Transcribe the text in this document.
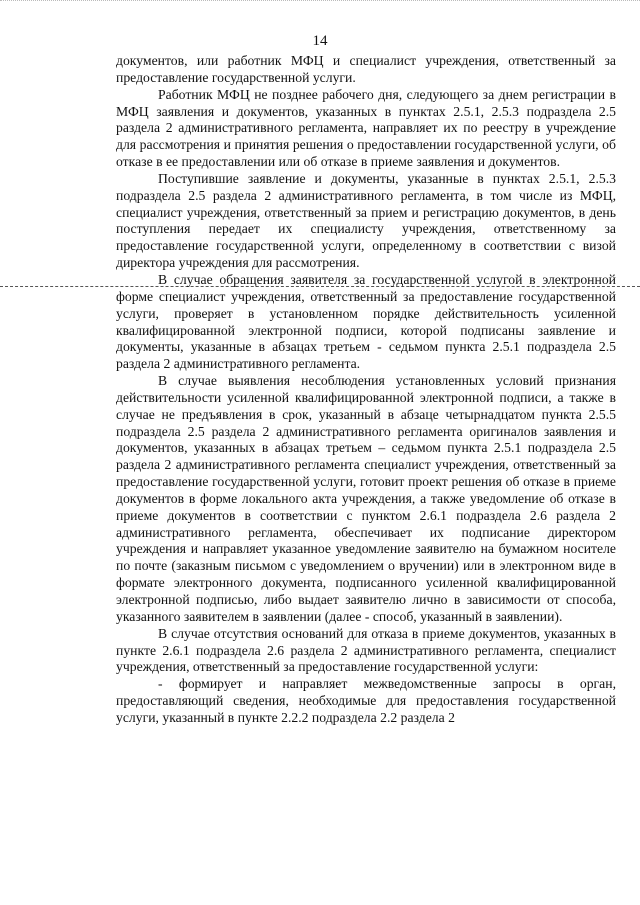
14

документов, или работник МФЦ и специалист учреждения, ответственный за предоставление государственной услуги.

Работник МФЦ не позднее рабочего дня, следующего за днем регистрации в МФЦ заявления и документов, указанных в пунктах 2.5.1, 2.5.3 подраздела 2.5 раздела 2 административного регламента, направляет их по реестру в учреждение для рассмотрения и принятия решения о предоставлении государственной услуги, об отказе в ее предоставлении или об отказе в приеме заявления и документов.

Поступившие заявление и документы, указанные в пунктах 2.5.1, 2.5.3 подраздела 2.5 раздела 2 административного регламента, в том числе из МФЦ, специалист учреждения, ответственный за прием и регистрацию документов, в день поступления передает их специалисту учреждения, ответственному за предоставление государственной услуги, определенному в соответствии с визой директора учреждения для рассмотрения.

В случае обращения заявителя за государственной услугой в электронной форме специалист учреждения, ответственный за предоставление государственной услуги, проверяет в установленном порядке действительность усиленной квалифицированной электронной подписи, которой подписаны заявление и документы, указанные в абзацах третьем - седьмом пункта 2.5.1 подраздела 2.5 раздела 2 административного регламента.

В случае выявления несоблюдения установленных условий признания действительности усиленной квалифицированной электронной подписи, а также в случае не предъявления в срок, указанный в абзаце четырнадцатом пункта 2.5.5 подраздела 2.5 раздела 2 административного регламента оригиналов заявления и документов, указанных в абзацах третьем – седьмом пункта 2.5.1 подраздела 2.5 раздела 2 административного регламента специалист учреждения, ответственный за предоставление государственной услуги, готовит проект решения об отказе в приеме документов в форме локального акта учреждения, а также уведомление об отказе в приеме документов в соответствии с пунктом 2.6.1 подраздела 2.6 раздела 2 административного регламента, обеспечивает их подписание директором учреждения и направляет указанное уведомление заявителю на бумажном носителе по почте (заказным письмом с уведомлением о вручении) или в электронном виде в формате электронного документа, подписанного усиленной квалифицированной электронной подписью, либо выдает заявителю лично в зависимости от способа, указанного заявителем в заявлении (далее - способ, указанный в заявлении).

В случае отсутствия оснований для отказа в приеме документов, указанных в пункте 2.6.1 подраздела 2.6 раздела 2 административного регламента, специалист учреждения, ответственный за предоставление государственной услуги:

- формирует и направляет межведомственные запросы в орган, предоставляющий сведения, необходимые для предоставления государственной услуги, указанный в пункте 2.2.2 подраздела 2.2 раздела 2
